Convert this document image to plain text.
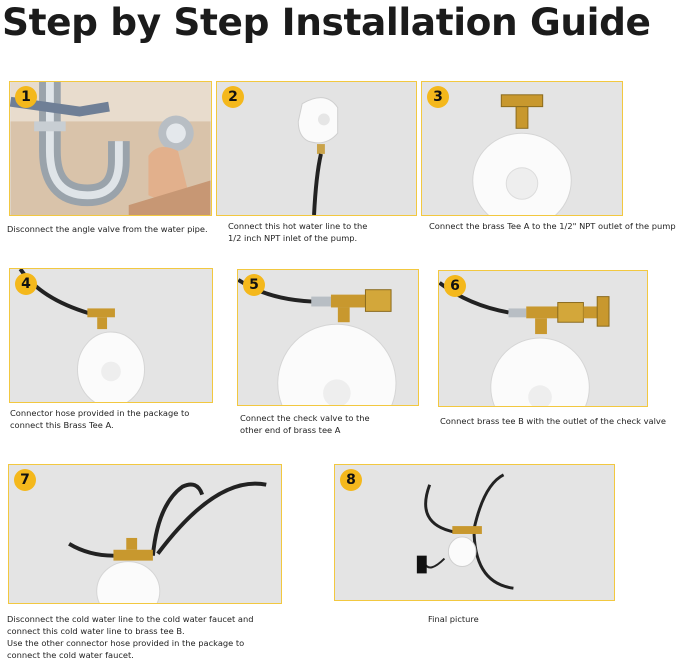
Step by Step Installation Guide
1
Disconnect the angle valve from the water pipe.
2
Connect this hot water line to the
1/2 inch NPT inlet of the pump.
3
Connect the brass Tee A to the 1/2" NPT outlet of the pump
4
Connector hose provided in the package to
connect this Brass Tee A.
5
Connect the check valve to the
other end of brass tee A
6
Connect brass tee B with the outlet of the check valve
7
Disconnect the cold water line to the cold water faucet and
connect this cold water line to brass tee B.
Use the other connector hose provided in the package to
connect the cold water faucet.
8
Final picture
